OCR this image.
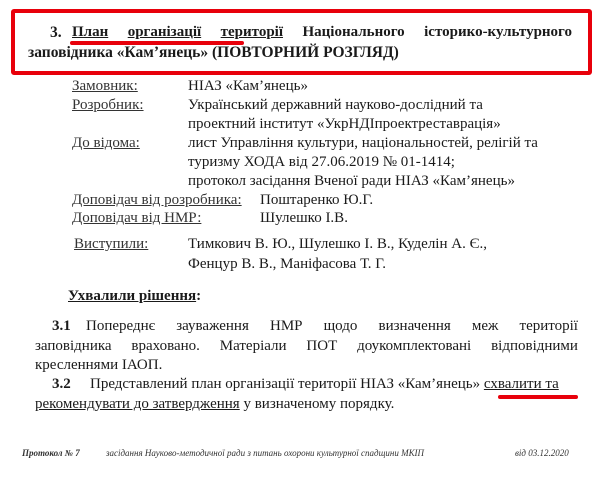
3. План організації території Національного історико-культурного
заповідника «Кам’янець» (ПОВТОРНИЙ РОЗГЛЯД)
Замовник:	НІАЗ «Кам’янець»
Розробник:	Український державний науково-дослідний та
проектний інститут «УкрНДІпроектреставрація»
До відома:	лист Управління культури, національностей, релігій та
туризму ХОДА від 27.06.2019 № 01-1414;
протокол засідання Вченої ради НІАЗ «Кам’янець»
Доповідач від розробника: Поштаренко Ю.Г.
Доповідач від НМР:	Шулешко І.В.
Виступили:	Тимкович В. Ю., Шулешко І. В., Куделін А. Є.,
Фенцур В. В., Маніфасова Т. Г.
Ухвалили рішення:
3.1 Попереднє зауваження НМР щодо визначення меж території
заповідника враховано. Матеріали ПОТ доукомплектовані відповідними
кресленнями ІАОП.
3.2 Представлений план організації території НІАЗ «Кам’янець» схвалити та
рекомендувати до затвердження у визначеному порядку.
Протокол № 7	засідання Науково-методичної ради з питань охорони культурної спадщини МКІП	від 03.12.2020
